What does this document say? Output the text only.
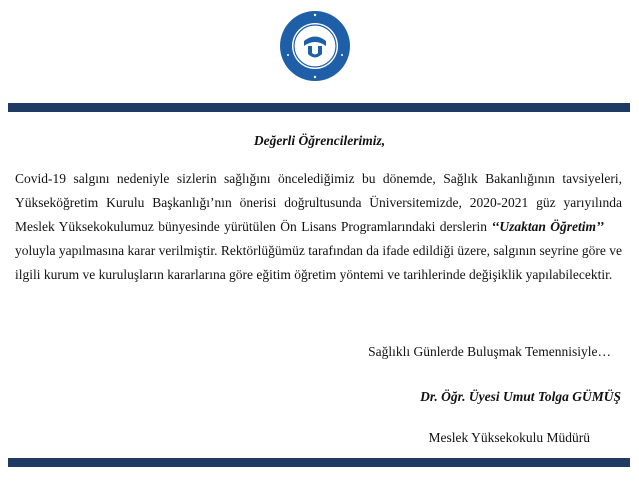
Değerli Öğrencilerimiz,

Covid-19 salgını nedeniyle sizlerin sağlığını öncelediğimiz bu dönemde, Sağlık Bakanlığının tavsiyeleri, Yükseköğretim Kurulu Başkanlığı’nın önerisi doğrultusunda Üniversitemizde, 2020-2021 güz yarıyılında Meslek Yüksekokulumuz bünyesinde yürütülen Ön Lisans Programlarındaki derslerin ‘‘Uzaktan Öğretim’’yoluyla yapılmasına karar verilmiştir. Rektörlüğümüz tarafından da ifade edildiği üzere, salgının seyrine göre ve ilgili kurum ve kuruluşların kararlarına göre eğitim öğretim yöntemi ve tarihlerinde değişiklik yapılabilecektir.

Sağlıklı Günlerde Buluşmak Temennisiyle…
Dr. Öğr. Üyesi Umut Tolga GÜMÜŞ
Meslek Yüksekokulu Müdürü
